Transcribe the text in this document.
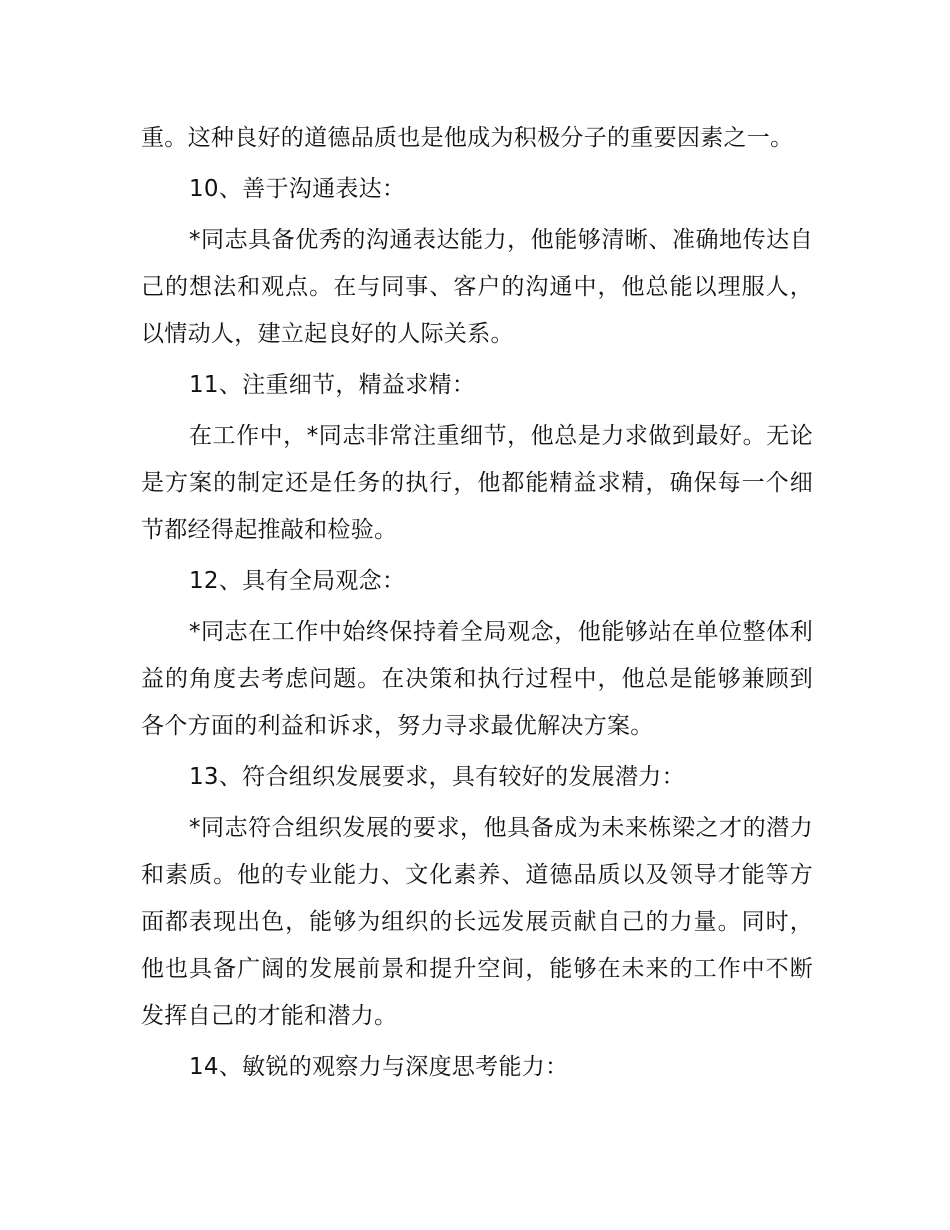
重。这种良好的道德品质也是他成为积极分子的重要因素之一。

10、善于沟通表达：

*同志具备优秀的沟通表达能力，他能够清晰、准确地传达自己的想法和观点。在与同事、客户的沟通中，他总能以理服人，以情动人，建立起良好的人际关系。

11、注重细节，精益求精：

在工作中，*同志非常注重细节，他总是力求做到最好。无论是方案的制定还是任务的执行，他都能精益求精，确保每一个细节都经得起推敲和检验。

12、具有全局观念：

*同志在工作中始终保持着全局观念，他能够站在单位整体利益的角度去考虑问题。在决策和执行过程中，他总是能够兼顾到各个方面的利益和诉求，努力寻求最优解决方案。

13、符合组织发展要求，具有较好的发展潜力：

*同志符合组织发展的要求，他具备成为未来栋梁之才的潜力和素质。他的专业能力、文化素养、道德品质以及领导才能等方面都表现出色，能够为组织的长远发展贡献自己的力量。同时，他也具备广阔的发展前景和提升空间，能够在未来的工作中不断发挥自己的才能和潜力。

14、敏锐的观察力与深度思考能力：
